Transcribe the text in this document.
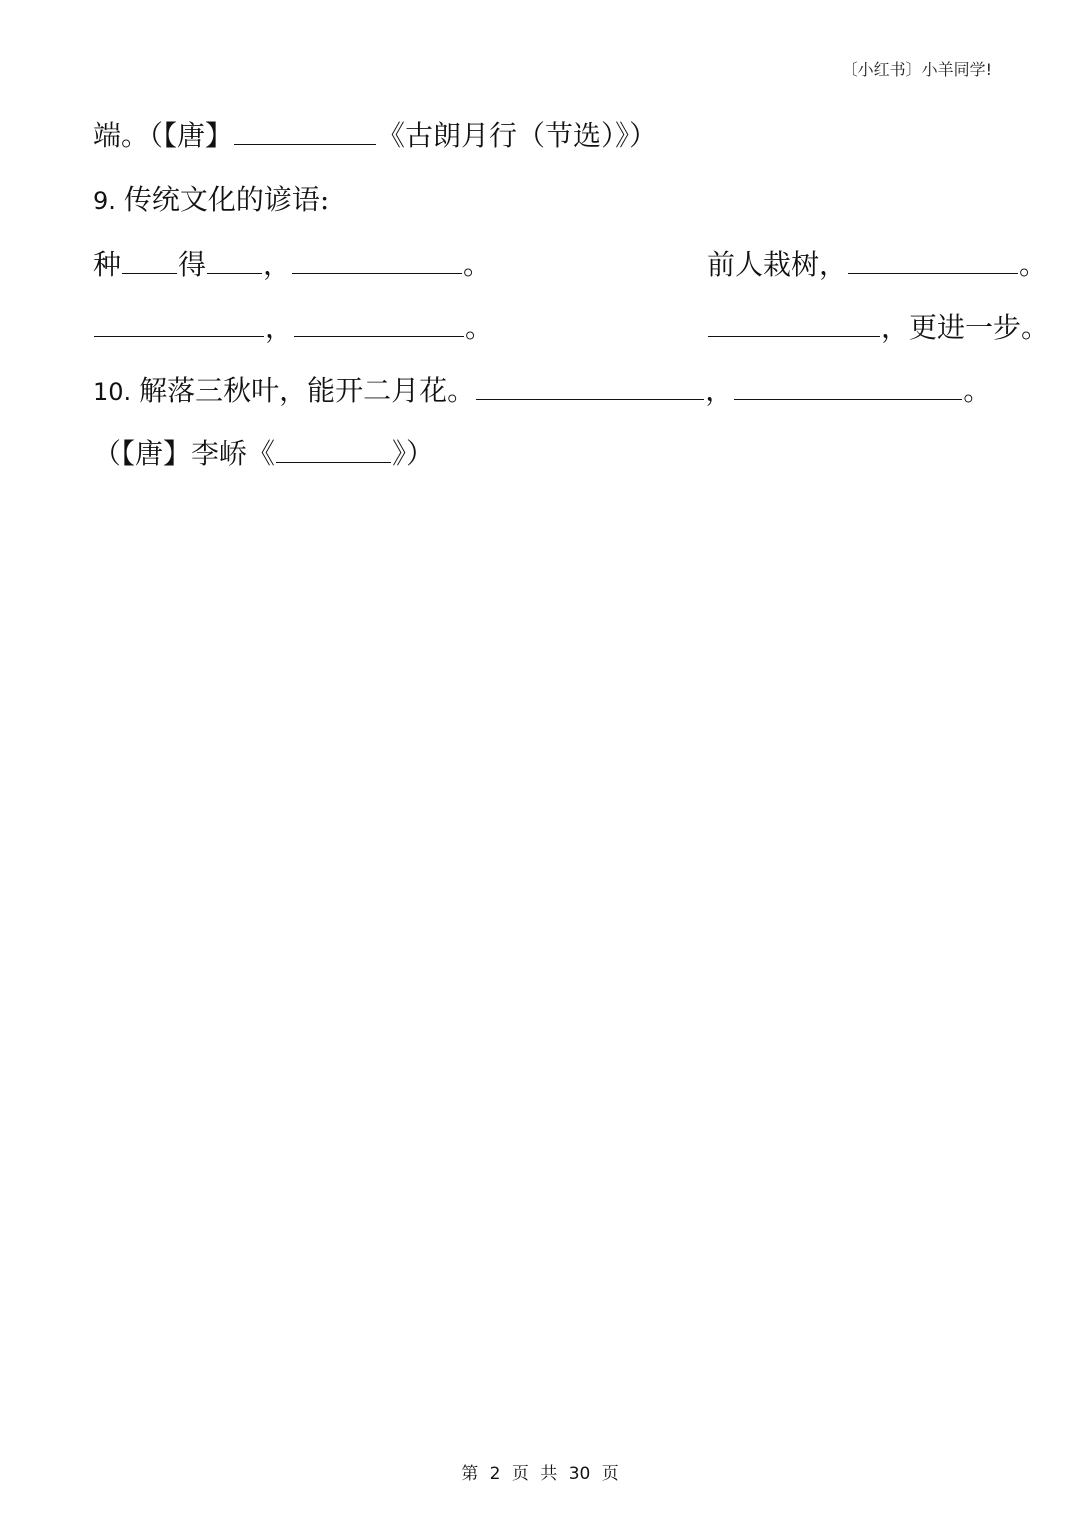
〔小红书〕小羊同学!
端。（【唐】	《古朗月行（节选）》）
9. 传统文化的谚语:
种 得 ，	。	前人栽树，	。
，	。	，更进一步。
10. 解落三秋叶，能开二月花。	，	。
（【唐】李峤《	》）
第 2 页 共 30 页
